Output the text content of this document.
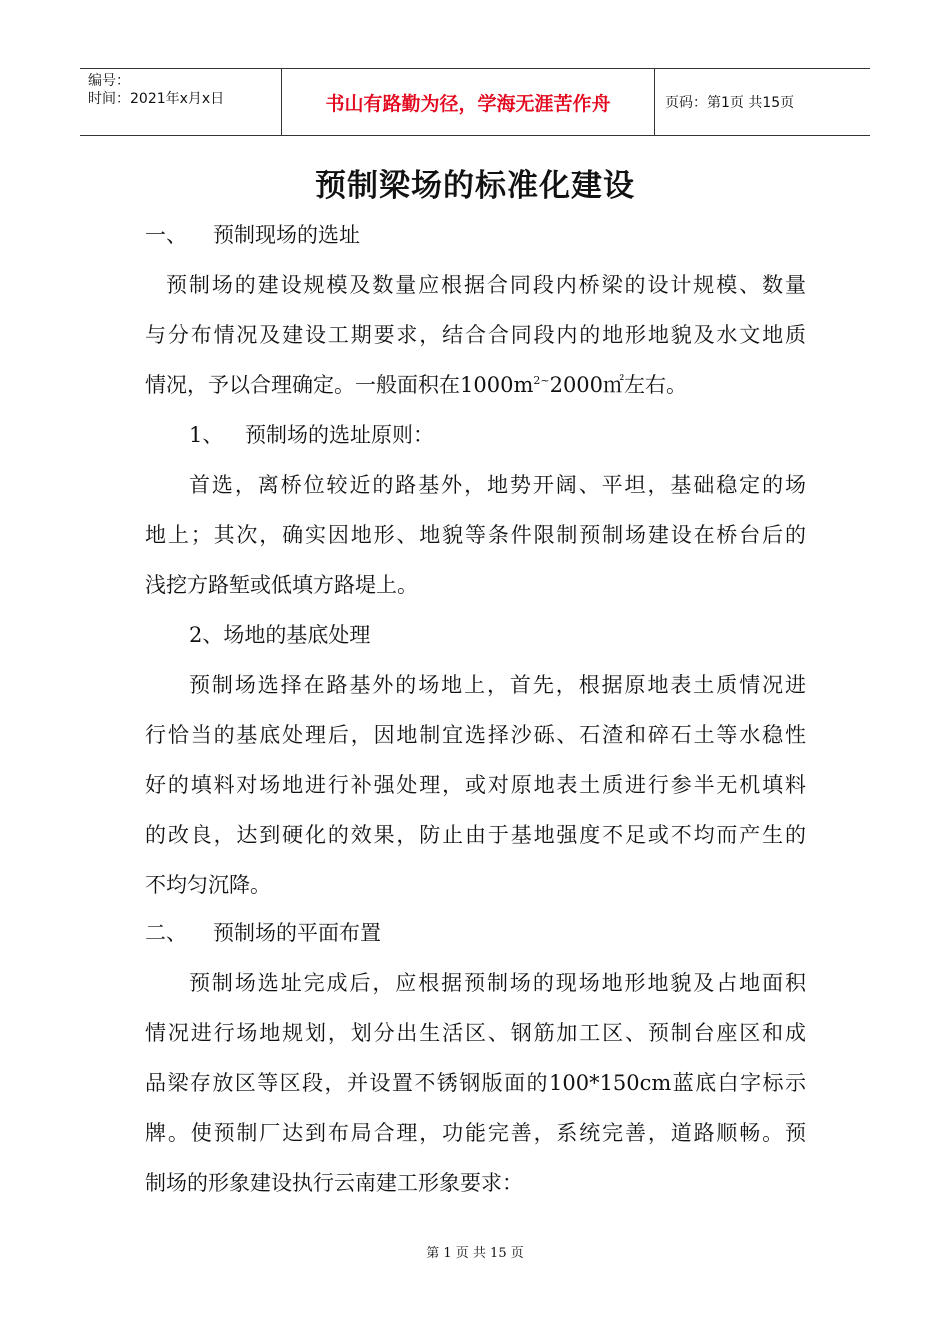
编号：
时间：2021年x月x日	书山有路勤为径，学海无涯苦作舟	页码：第1页 共15页
预制梁场的标准化建设
一、 预制现场的选址
预制场的建设规模及数量应根据合同段内桥梁的设计规模、数量
与分布情况及建设工期要求，结合合同段内的地形地貌及水文地质
情况，予以合理确定。一般面积在$1000m^{2\sim}2000㎡$左右。
1、 预制场的选址原则：
首选，离桥位较近的路基外，地势开阔、平坦，基础稳定的场
地上；其次，确实因地形、地貌等条件限制预制场建设在桥台后的
浅挖方路堑或低填方路堤上。
2、场地的基底处理
预制场选择在路基外的场地上，首先，根据原地表土质情况进
行恰当的基底处理后，因地制宜选择沙砾、石渣和碎石土等水稳性
好的填料对场地进行补强处理，或对原地表土质进行参半无机填料
的改良，达到硬化的效果，防止由于基地强度不足或不均而产生的
不均匀沉降。
二、 预制场的平面布置
预制场选址完成后，应根据预制场的现场地形地貌及占地面积
情况进行场地规划，划分出生活区、钢筋加工区、预制台座区和成
品梁存放区等区段，并设置不锈钢版面的100*150cm蓝底白字标示
牌。使预制厂达到布局合理，功能完善，系统完善，道路顺畅。预
制场的形象建设执行云南建工形象要求：
第 1 页 共 15 页
